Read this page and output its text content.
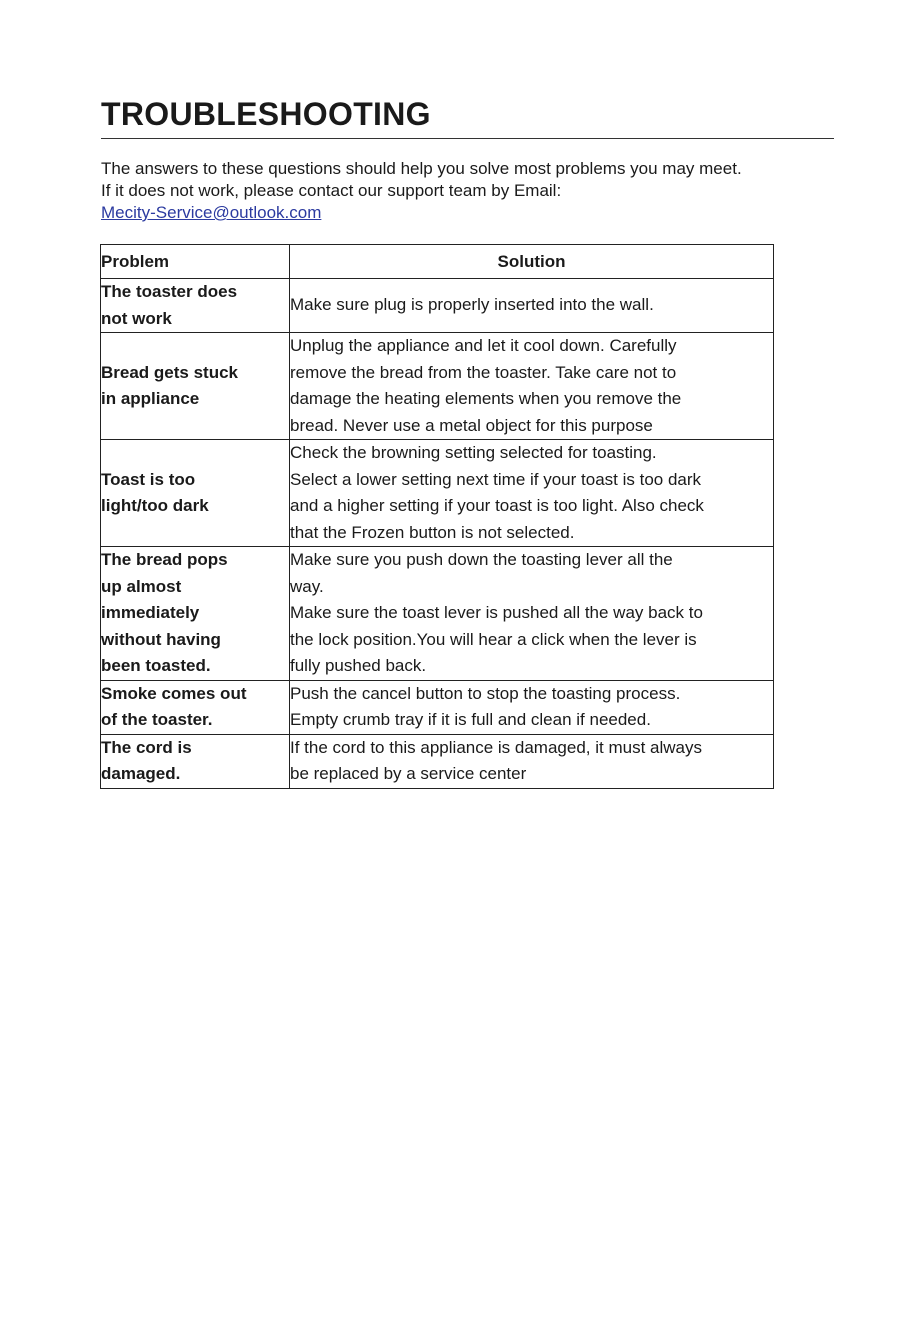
TROUBLESHOOTING

The answers to these questions should help you solve most problems you may meet.

If it does not work, please contact our support team by Email:

Mecity-Service@outlook.com

Problem	Solution

The toaster does
not work	Make sure plug is properly inserted into the wall.

Bread gets stuck
in appliance	Unplug the appliance and let it cool down. Carefully
remove the bread from the toaster. Take care not to
damage the heating elements when you remove the
bread. Never use a metal object for this purpose

Toast is too
light/too dark	Check the browning setting selected for toasting.
Select a lower setting next time if your toast is too dark
and a higher setting if your toast is too light. Also check
that the Frozen button is not selected.

The bread pops
up almost
immediately
without having
been toasted.	Make sure you push down the toasting lever all the
way.
Make sure the toast lever is pushed all the way back to
the lock position.You will hear a click when the lever is
fully pushed back.

Smoke comes out
of the toaster.	Push the cancel button to stop the toasting process.
Empty crumb tray if it is full and clean if needed.

The cord is
damaged.	If the cord to this appliance is damaged, it must always
be replaced by a service center
